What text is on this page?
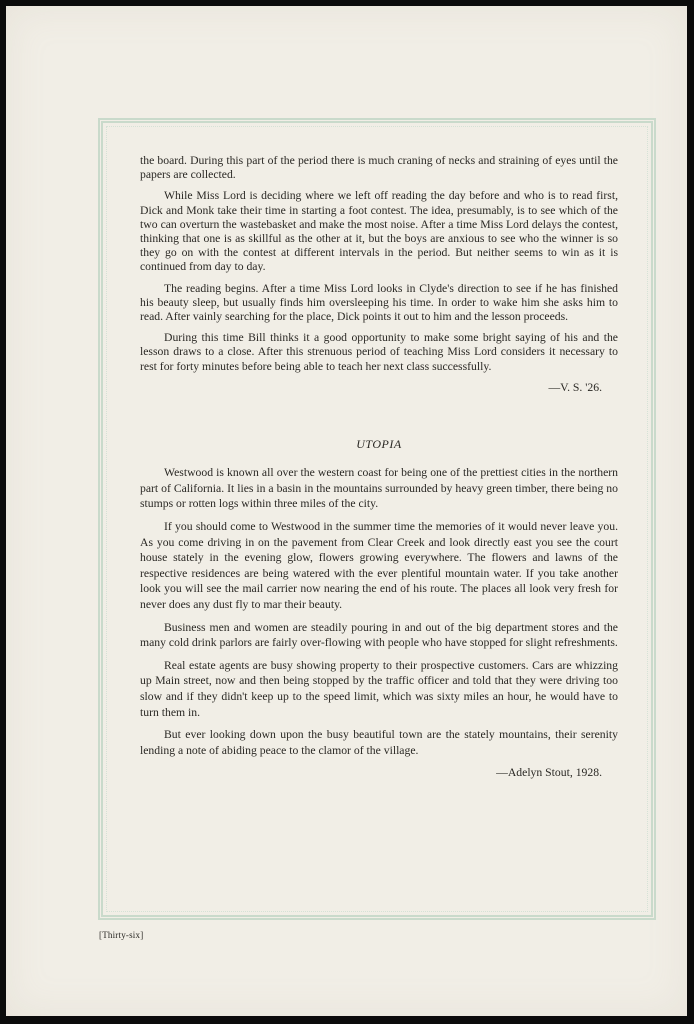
the board. During this part of the period there is much craning of necks and straining of eyes until the papers are collected.

While Miss Lord is deciding where we left off reading the day before and who is to read first, Dick and Monk take their time in starting a foot contest. The idea, presumably, is to see which of the two can overturn the wastebasket and make the most noise. After a time Miss Lord delays the contest, thinking that one is as skillful as the other at it, but the boys are anxious to see who the winner is so they go on with the contest at different intervals in the period. But neither seems to win as it is continued from day to day.

The reading begins. After a time Miss Lord looks in Clyde's direction to see if he has finished his beauty sleep, but usually finds him oversleeping his time. In order to wake him she asks him to read. After vainly searching for the place, Dick points it out to him and the lesson proceeds.

During this time Bill thinks it a good opportunity to make some bright saying of his and the lesson draws to a close. After this strenuous period of teaching Miss Lord considers it necessary to rest for forty minutes before being able to teach her next class successfully.

—V. S. '26.
UTOPIA

Westwood is known all over the western coast for being one of the prettiest cities in the northern part of California. It lies in a basin in the mountains surrounded by heavy green timber, there being no stumps or rotten logs within three miles of the city.

If you should come to Westwood in the summer time the memories of it would never leave you. As you come driving in on the pavement from Clear Creek and look directly east you see the court house stately in the evening glow, flowers growing everywhere. The flowers and lawns of the respective residences are being watered with the ever plentiful mountain water. If you take another look you will see the mail carrier now nearing the end of his route. The places all look very fresh for never does any dust fly to mar their beauty.

Business men and women are steadily pouring in and out of the big department stores and the many cold drink parlors are fairly over-flowing with people who have stopped for slight refreshments.

Real estate agents are busy showing property to their prospective customers. Cars are whizzing up Main street, now and then being stopped by the traffic officer and told that they were driving too slow and if they didn't keep up to the speed limit, which was sixty miles an hour, he would have to turn them in.

But ever looking down upon the busy beautiful town are the stately mountains, their serenity lending a note of abiding peace to the clamor of the village.

—Adelyn Stout, 1928.
[Thirty-six]
